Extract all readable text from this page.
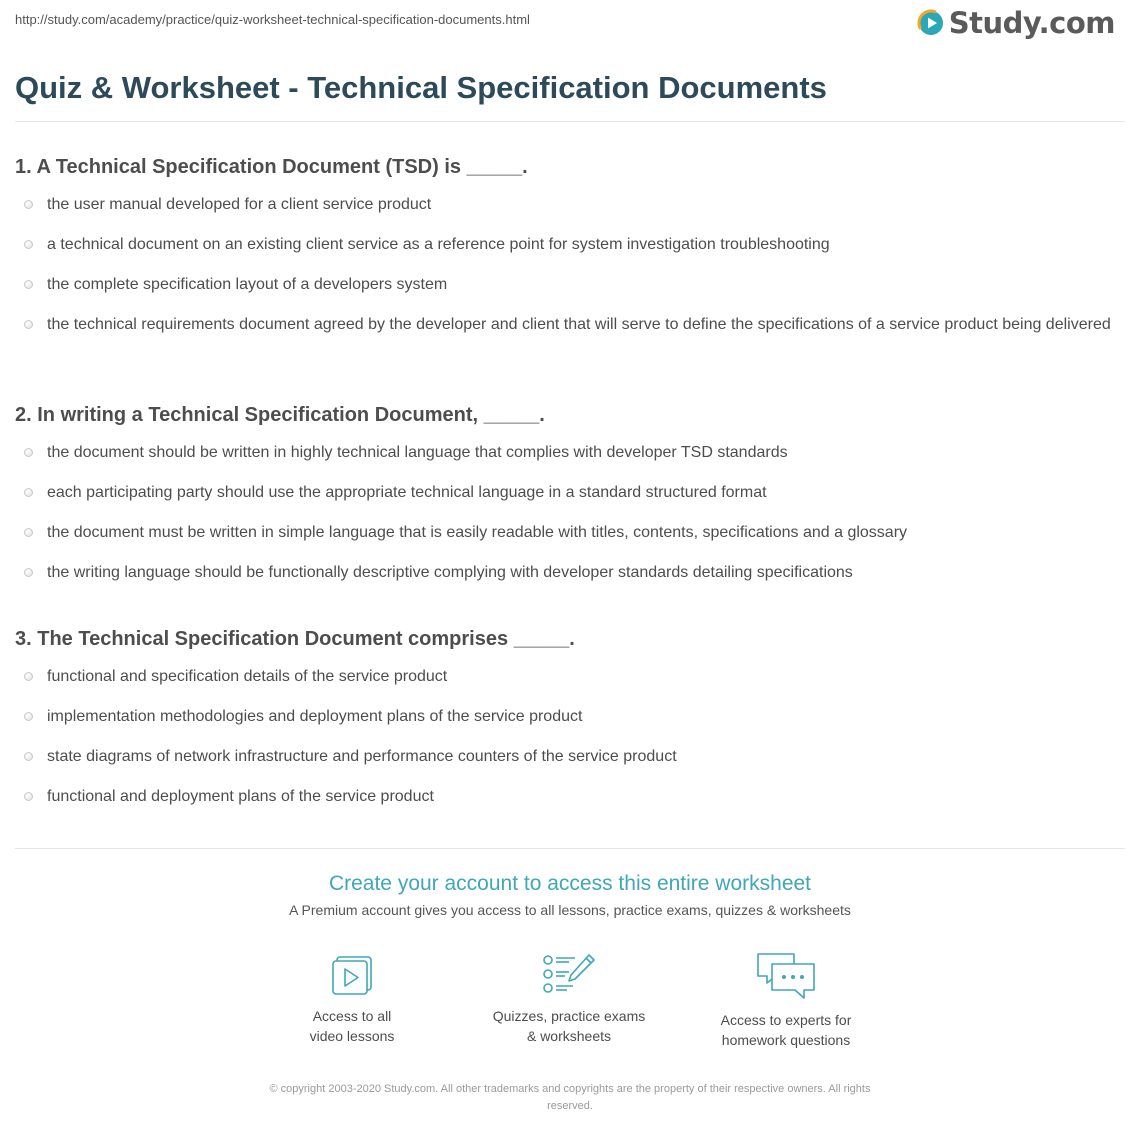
http://study.com/academy/practice/quiz-worksheet-technical-specification-documents.html	Study.com
Quiz & Worksheet - Technical Specification Documents
1. A Technical Specification Document (TSD) is _____.
the user manual developed for a client service product
a technical document on an existing client service as a reference point for system investigation troubleshooting
the complete specification layout of a developers system
the technical requirements document agreed by the developer and client that will serve to define the specifications of a service product being delivered
2. In writing a Technical Specification Document, _____.
the document should be written in highly technical language that complies with developer TSD standards
each participating party should use the appropriate technical language in a standard structured format
the document must be written in simple language that is easily readable with titles, contents, specifications and a glossary
the writing language should be functionally descriptive complying with developer standards detailing specifications
3. The Technical Specification Document comprises _____.
functional and specification details of the service product
implementation methodologies and deployment plans of the service product
state diagrams of network infrastructure and performance counters of the service product
functional and deployment plans of the service product
Create your account to access this entire worksheet
A Premium account gives you access to all lessons, practice exams, quizzes & worksheets
Access to all
video lessons
Quizzes, practice exams
& worksheets
Access to experts for
homework questions
© copyright 2003-2020 Study.com. All other trademarks and copyrights are the property of their respective owners. All rights
reserved.
